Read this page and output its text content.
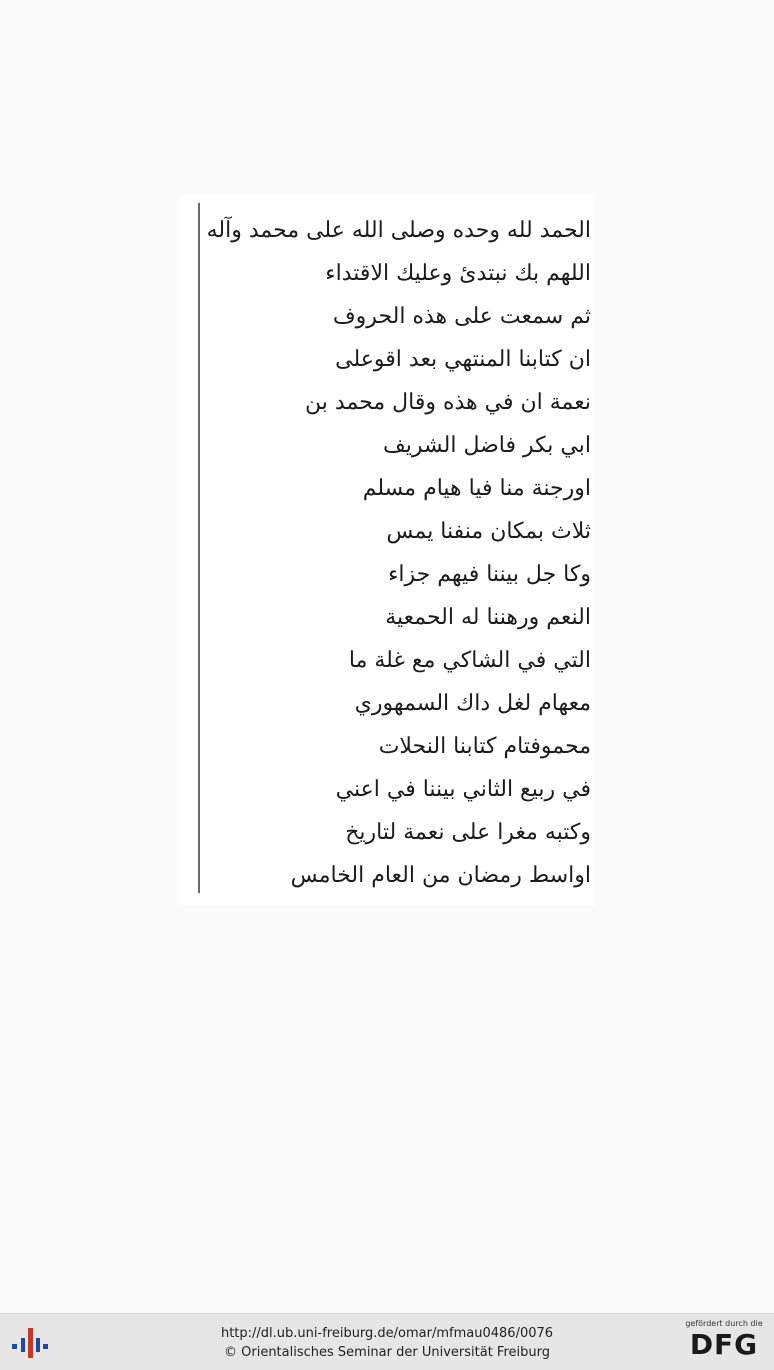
الحمد لله وحده وصلى الله على محمد وآله
اللهم بك نبتدئ وعليك الاقتداء
ثم سمعت على هذه الحروف
ان كتابنا المنتهي بعد اقوعلى
نعمة ان في هذه وقال محمد بن
ابي بكر فاضل الشريف
اورجنة منا فيا هيام مسلم
ثلاث بمكان منفنا يمس
وكا جل بيننا فيهم جزاء
النعم ورهننا له الحمعية
التي في الشاكي مع غلة ما
معهام لغل داك السمهوري
محموفتام كتابنا النحلات
في ربيع الثاني بيننا في اعني
وكتبه مغرا على نعمة لتاريخ
اواسط رمضان من العام الخامس
http://dl.ub.uni-freiburg.de/omar/mfmau0486/0076
© Orientalisches Seminar der Universität Freiburg
gefördert durch die
DFG
